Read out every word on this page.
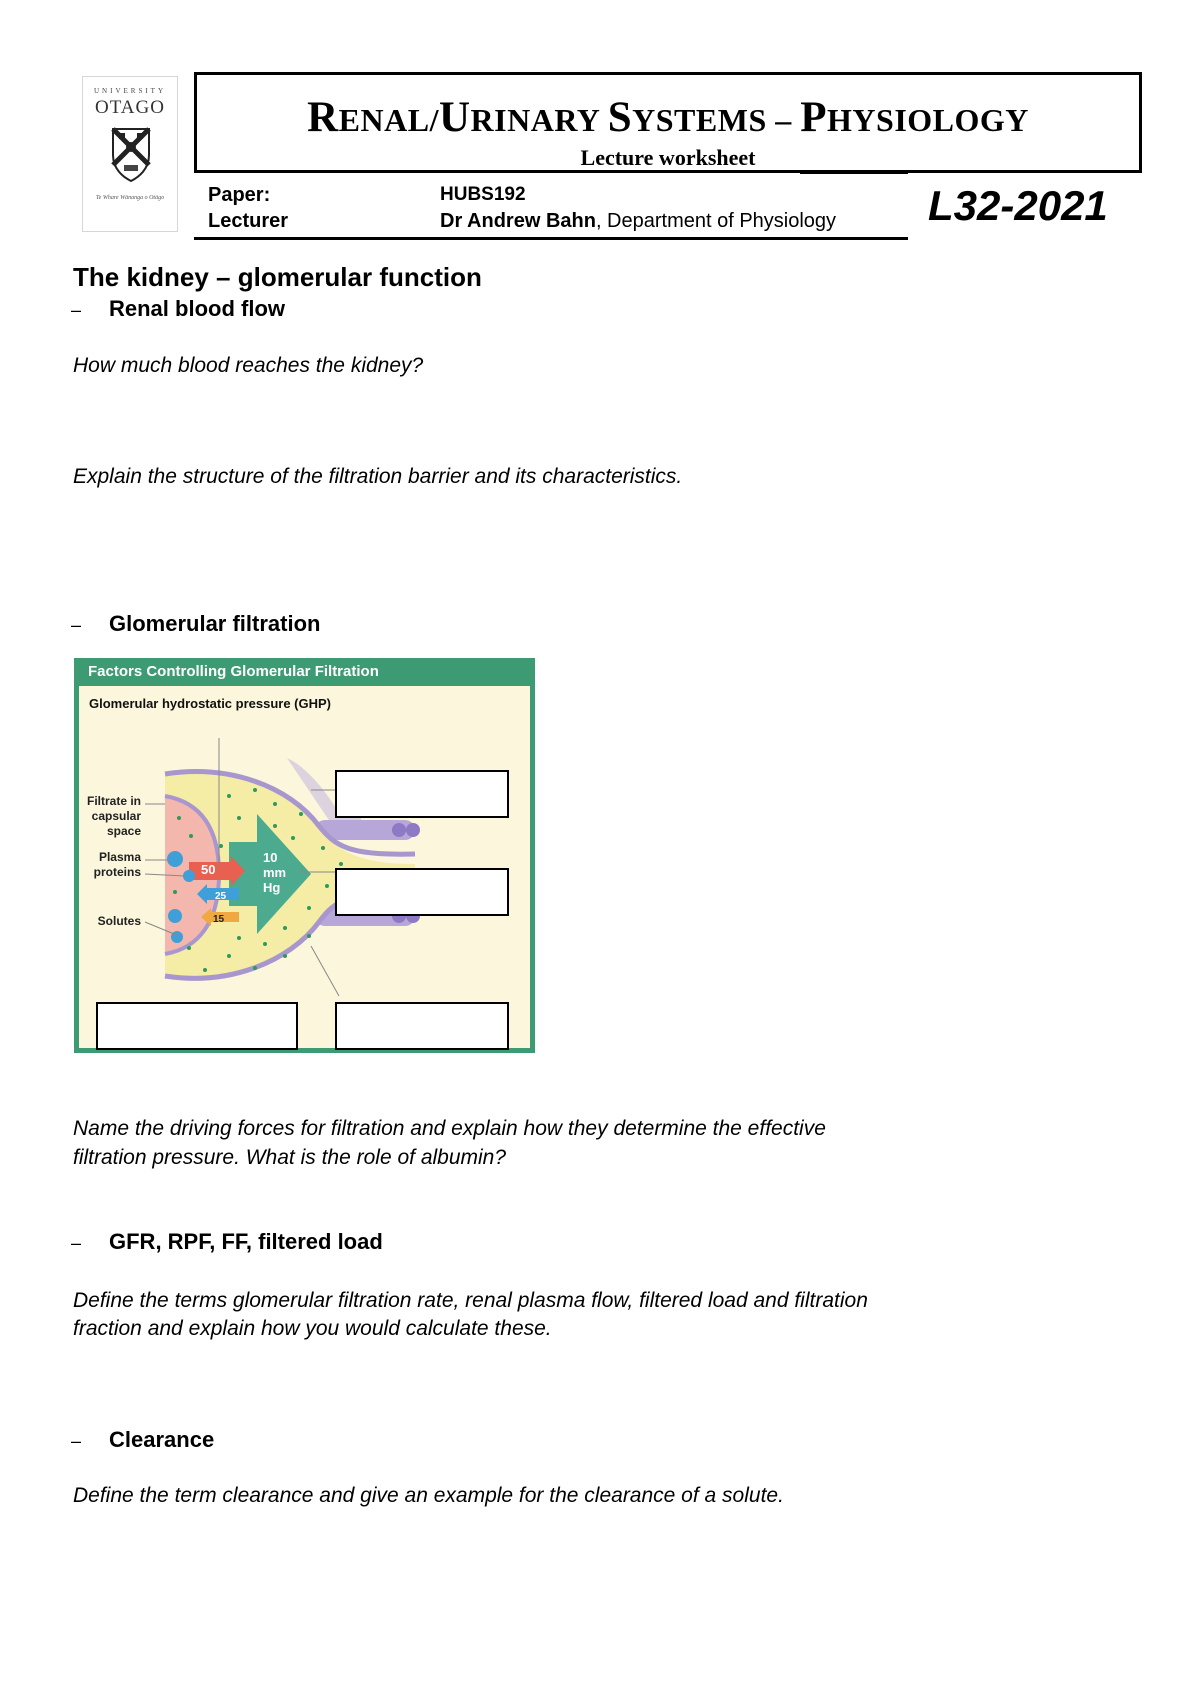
UNIVERSITY
OTAGO
Te Whare Wānanga o Otāgo
RENAL/URINARY SYSTEMS – PHYSIOLOGY
Lecture worksheet
Paper:	HUBS192
Lecturer	Dr Andrew Bahn, Department of Physiology L32-2021
The kidney – glomerular function
– Renal blood flow
How much blood reaches the kidney?
Explain the structure of the filtration barrier and its characteristics.
– Glomerular filtration
Factors Controlling Glomerular Filtration
Glomerular hydrostatic pressure (GHP)
Filtrate in
capsular
space
Plasma
proteins
Solutes
50
25
15
10
mm
Hg
Name the driving forces for filtration and explain how they determine the effective
filtration pressure. What is the role of albumin?
– GFR, RPF, FF, filtered load
Define the terms glomerular filtration rate, renal plasma flow, filtered load and filtration
fraction and explain how you would calculate these.
– Clearance
Define the term clearance and give an example for the clearance of a solute.
